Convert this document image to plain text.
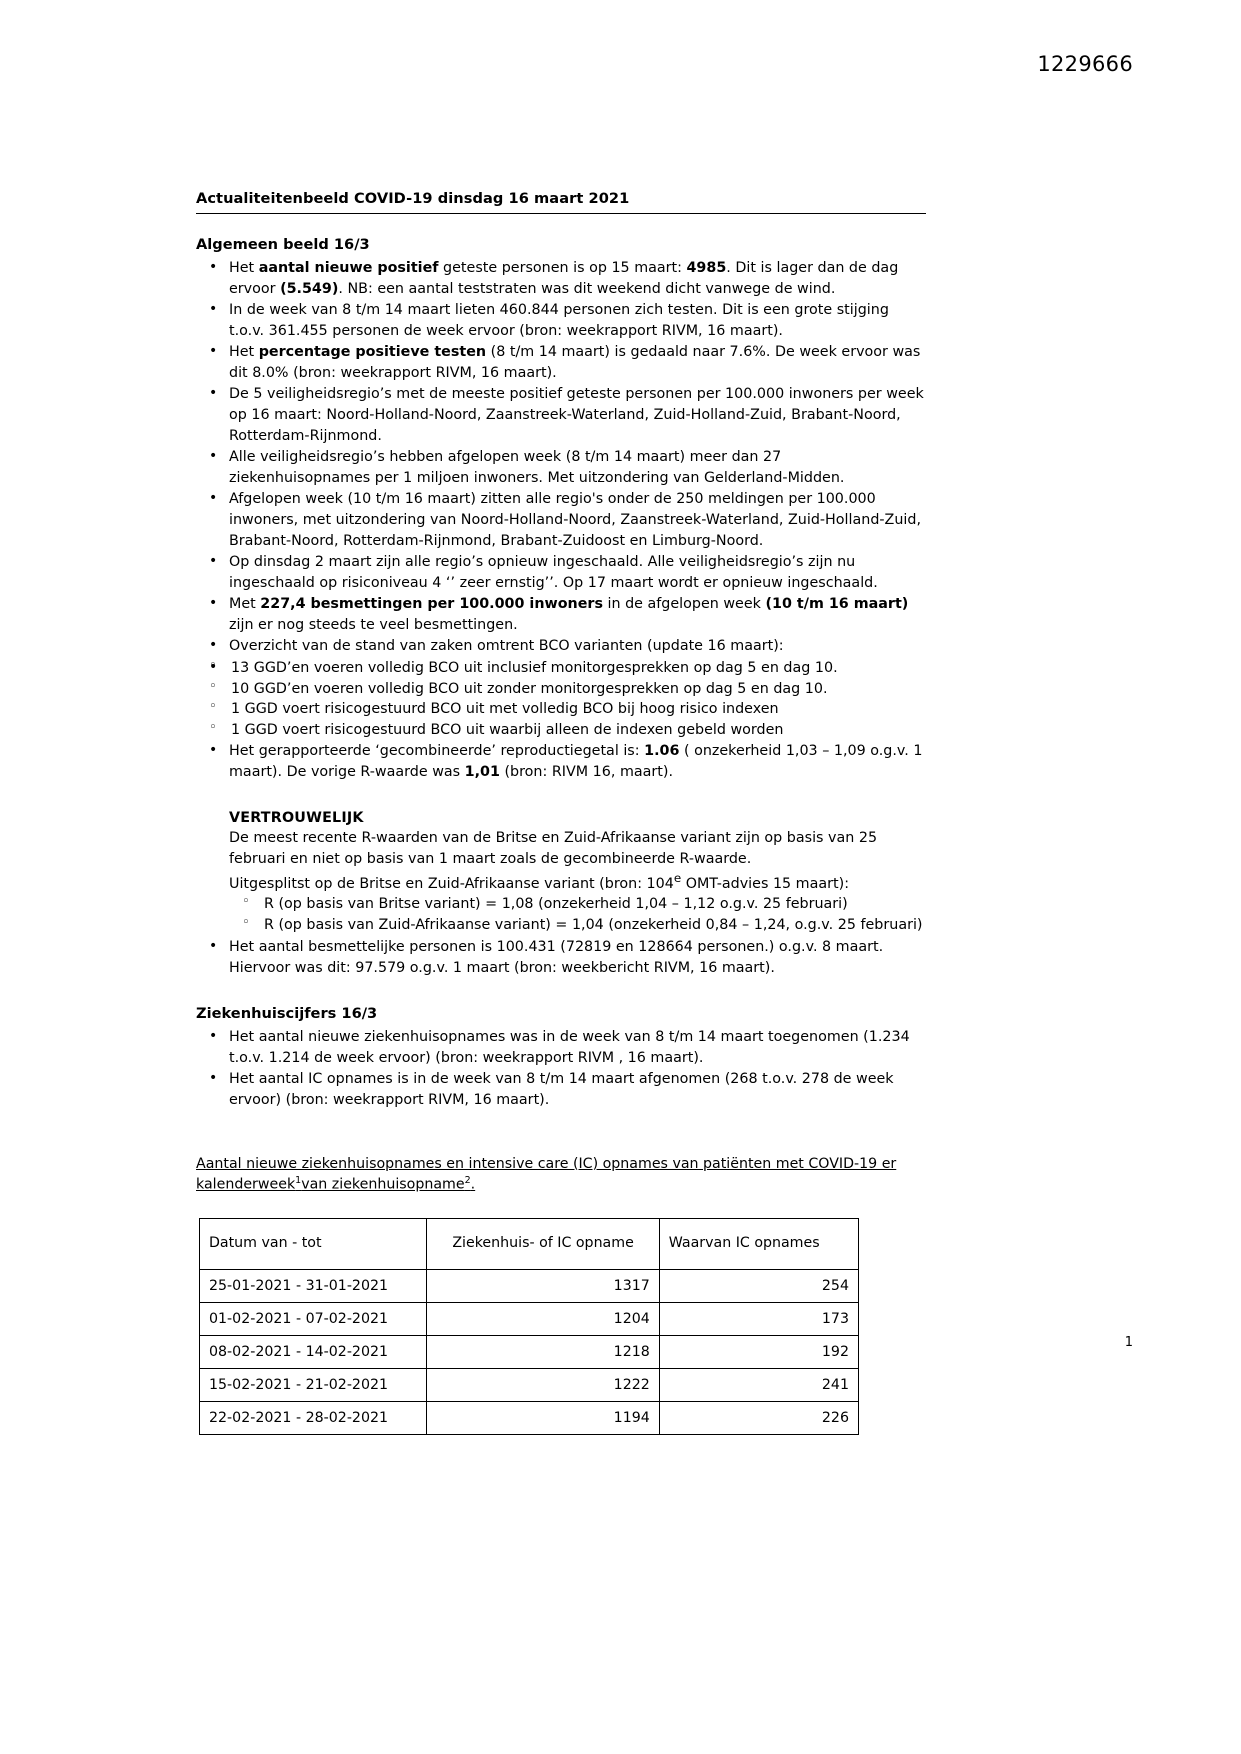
1229666
Actualiteitenbeeld COVID-19 dinsdag 16 maart 2021
Algemeen beeld 16/3
• Het aantal nieuwe positief geteste personen is op 15 maart: 4985. Dit is lager dan de dag ervoor (5.549). NB: een aantal teststraten was dit weekend dicht vanwege de wind.
• In de week van 8 t/m 14 maart lieten 460.844 personen zich testen. Dit is een grote stijging t.o.v. 361.455 personen de week ervoor (bron: weekrapport RIVM, 16 maart).
• Het percentage positieve testen (8 t/m 14 maart) is gedaald naar 7.6%. De week ervoor was dit 8.0% (bron: weekrapport RIVM, 16 maart).
• De 5 veiligheidsregio’s met de meeste positief geteste personen per 100.000 inwoners per week op 16 maart: Noord-Holland-Noord, Zaanstreek-Waterland, Zuid-Holland-Zuid, Brabant-Noord, Rotterdam-Rijnmond.
• Alle veiligheidsregio’s hebben afgelopen week (8 t/m 14 maart) meer dan 27 ziekenhuisopnames per 1 miljoen inwoners. Met uitzondering van Gelderland-Midden.
• Afgelopen week (10 t/m 16 maart) zitten alle regio's onder de 250 meldingen per 100.000 inwoners, met uitzondering van Noord-Holland-Noord, Zaanstreek-Waterland, Zuid-Holland-Zuid, Brabant-Noord, Rotterdam-Rijnmond, Brabant-Zuidoost en Limburg-Noord.
• Op dinsdag 2 maart zijn alle regio’s opnieuw ingeschaald. Alle veiligheidsregio’s zijn nu ingeschaald op risiconiveau 4 ‘’ zeer ernstig’’. Op 17 maart wordt er opnieuw ingeschaald.
• Met 227,4 besmettingen per 100.000 inwoners in de afgelopen week (10 t/m 16 maart) zijn er nog steeds te veel besmettingen.
• Overzicht van de stand van zaken omtrent BCO varianten (update 16 maart):
◦ • 13 GGD’en voeren volledig BCO uit inclusief monitorgesprekken op dag 5 en dag 10.
◦ 10 GGD’en voeren volledig BCO uit zonder monitorgesprekken op dag 5 en dag 10.
◦ 1 GGD voert risicogestuurd BCO uit met volledig BCO bij hoog risico indexen
◦ 1 GGD voert risicogestuurd BCO uit waarbij alleen de indexen gebeld worden
• Het gerapporteerde ‘gecombineerde’ reproductiegetal is: 1.06 ( onzekerheid 1,03 – 1,09 o.g.v. 1 maart). De vorige R-waarde was 1,01 (bron: RIVM 16, maart).
VERTROUWELIJK
De meest recente R-waarden van de Britse en Zuid-Afrikaanse variant zijn op basis van 25 februari en niet op basis van 1 maart zoals de gecombineerde R-waarde.
Uitgesplitst op de Britse en Zuid-Afrikaanse variant (bron: 104e OMT-advies 15 maart):
◦ R (op basis van Britse variant) = 1,08 (onzekerheid 1,04 – 1,12 o.g.v. 25 februari)
◦ R (op basis van Zuid-Afrikaanse variant) = 1,04 (onzekerheid 0,84 – 1,24, o.g.v. 25 februari)
• Het aantal besmettelijke personen is 100.431 (72819 en 128664 personen.) o.g.v. 8 maart. Hiervoor was dit: 97.579 o.g.v. 1 maart (bron: weekbericht RIVM, 16 maart).
Ziekenhuiscijfers 16/3
• Het aantal nieuwe ziekenhuisopnames was in de week van 8 t/m 14 maart toegenomen (1.234 t.o.v. 1.214 de week ervoor) (bron: weekrapport RIVM , 16 maart).
• Het aantal IC opnames is in de week van 8 t/m 14 maart afgenomen (268 t.o.v. 278 de week ervoor) (bron: weekrapport RIVM, 16 maart).
Aantal nieuwe ziekenhuisopnames en intensive care (IC) opnames van patiënten met COVID-19 er kalenderweek$^1$van ziekenhuisopname$^2$.
Datum van - tot	Ziekenhuis- of IC opname	Waarvan IC opnames
25-01-2021 - 31-01-2021	1317	254
01-02-2021 - 07-02-2021	1204	173
08-02-2021 - 14-02-2021	1218	192
15-02-2021 - 21-02-2021	1222	241
22-02-2021 - 28-02-2021	1194	226
1
